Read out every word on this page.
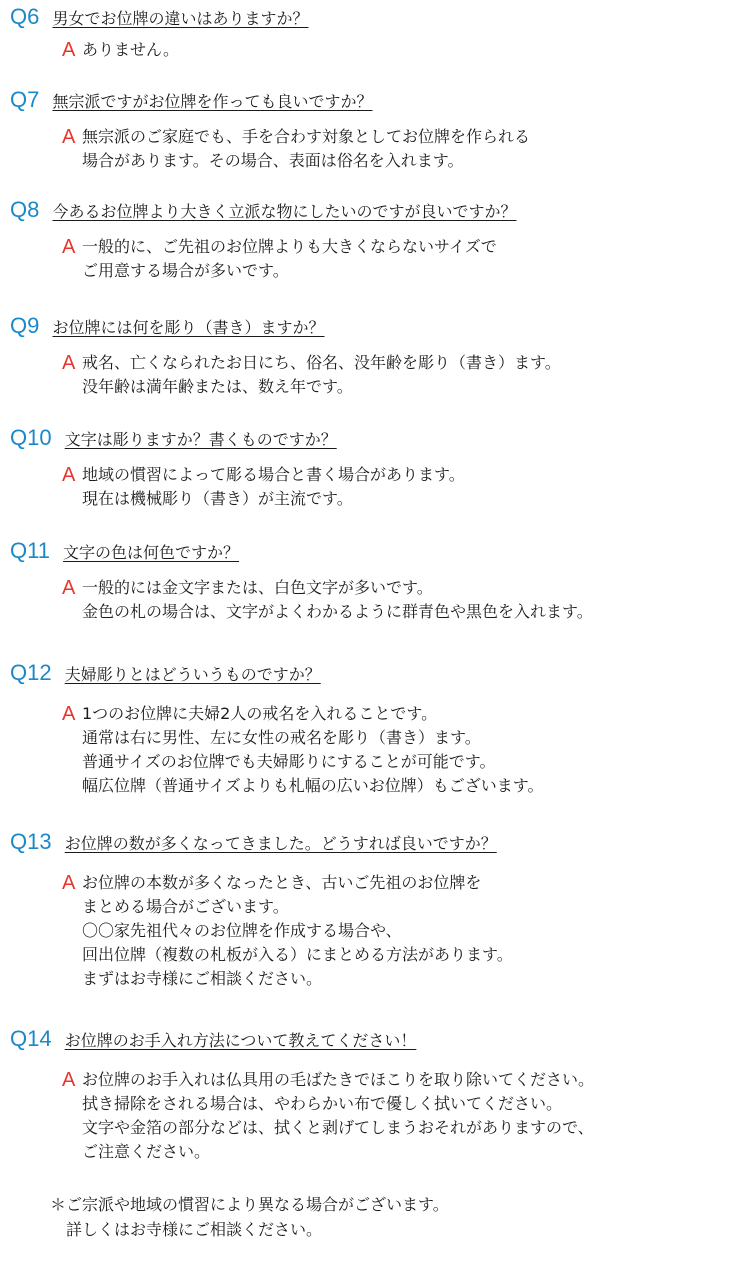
Q6 男女でお位牌の違いはありますか？
A ありません。
Q7 無宗派ですがお位牌を作っても良いですか？
A 無宗派のご家庭でも、手を合わす対象としてお位牌を作られる
場合があります。その場合、表面は俗名を入れます。
Q8 今あるお位牌より大きく立派な物にしたいのですが良いですか？
A 一般的に、ご先祖のお位牌よりも大きくならないサイズで
ご用意する場合が多いです。
Q9 お位牌には何を彫り（書き）ますか？
A 戒名、亡くなられたお日にち、俗名、没年齢を彫り（書き）ます。
没年齢は満年齢または、数え年です。
Q10 文字は彫りますか？書くものですか？
A 地域の慣習によって彫る場合と書く場合があります。
現在は機械彫り（書き）が主流です。
Q11 文字の色は何色ですか？
A 一般的には金文字または、白色文字が多いです。
金色の札の場合は、文字がよくわかるように群青色や黒色を入れます。
Q12 夫婦彫りとはどういうものですか？
A 1つのお位牌に夫婦2人の戒名を入れることです。
通常は右に男性、左に女性の戒名を彫り（書き）ます。
普通サイズのお位牌でも夫婦彫りにすることが可能です。
幅広位牌（普通サイズよりも札幅の広いお位牌）もございます。
Q13 お位牌の数が多くなってきました。どうすれば良いですか？
A お位牌の本数が多くなったとき、古いご先祖のお位牌を
まとめる場合がございます。
〇〇家先祖代々のお位牌を作成する場合や、
回出位牌（複数の札板が入る）にまとめる方法があります。
まずはお寺様にご相談ください。
Q14 お位牌のお手入れ方法について教えてください！
A お位牌のお手入れは仏具用の毛ばたきでほこりを取り除いてください。
拭き掃除をされる場合は、やわらかい布で優しく拭いてください。
文字や金箔の部分などは、拭くと剥げてしまうおそれがありますので、
ご注意ください。
＊ご宗派や地域の慣習により異なる場合がございます。
　詳しくはお寺様にご相談ください。
